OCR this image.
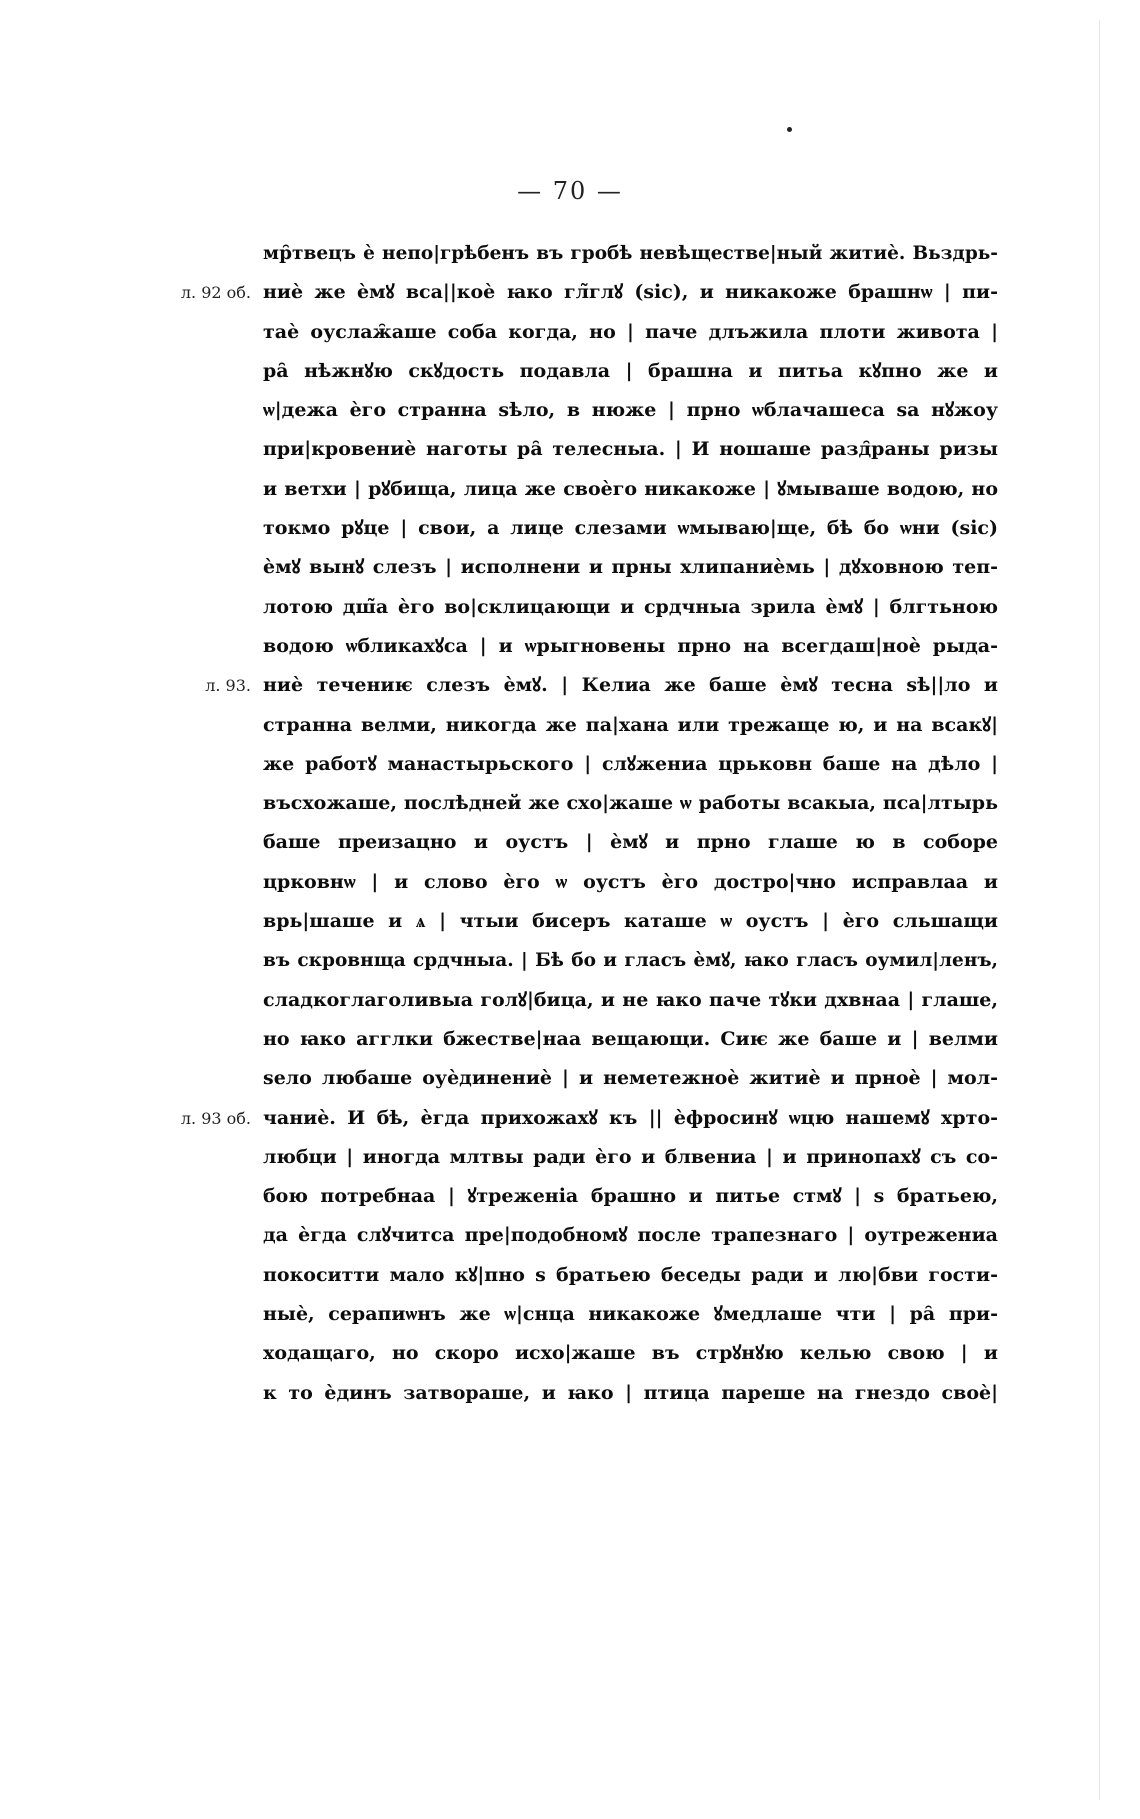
— 70 —
мр̑твецъ ѐ непо|грѣбенъ въ гробѣ невѣществе|ный житиѐ. Вьздрь-
ниѐ же ѐмꙋ вса||коѐ ꙗко гл̃глꙋ (sic), и никакоже брашнѡ | пи-
л. 92 об.
таѐ оуслаж̑аше соба когда, но | паче длъжила плоти живота |
ра̑ нѣжнꙋю скꙋдость подавла | брашна и питьа кꙋпно же и
ѡ|дежа ѐго странна ѕѣло, в нюже | прно ѡблачашеса ѕа нꙋжоу
при|кровениѐ наготы ра̑ телесныа. | И ношаше разд̑раны ризы
и ветхи | рꙋбища, лица же своѐго никакоже | ꙋмываше водою, но
токмо рꙋце | свои, а лице слезами ѡмываю|ще, бѣ бо ѡни (sic)
ѐмꙋ вынꙋ слезъ | исполнени и прны хлипаниѐмь | дꙋховною теп-
лотою дш̃а ѐго во|склицающи и срдчныа зрила ѐмꙋ | блгтьною
водою ѡбликахꙋса | и ѡрыгновены прно на всегдаш|ноѐ рыда-
ниѐ течениѥ слезъ ѐмꙋ. | Келиа же баше ѐмꙋ тесна ѕѣ||ло и
л. 93.
странна велми, никогда же па|хана или трежаще ю, и на всакꙋ|
же работꙋ манастырьского | слꙋжениа црьковн баше на дѣло |
въсхожаше, послѣдней же схо|жаше ѡ работы всакыа, пса|лтырь
баше преизацно и оустъ | ѐмꙋ и прно глаше ю в соборе
црковнѡ | и слово ѐго ѡ оустъ ѐго достро|чно исправлаа и
врь|шаше и ѧ | чтыи бисеръ каташе ѡ оустъ | ѐго сльшащи
въ скровнща срдчныа. | Бѣ бо и гласъ ѐмꙋ, ꙗко гласъ оумил|ленъ,
сладкоглаголивыа голꙋ|бица, и не ꙗко паче тꙋки дхвнаа | глаше,
но ꙗко агглки бжестве|наа вещающи. Сиѥ же баше и | велми
ѕело любаше оуѐдинениѐ | и неметежноѐ житиѐ и прноѐ | мол-
чаниѐ. И бѣ, ѐгда прихожахꙋ къ || ѐфросинꙋ ѡцю нашемꙋ хрто-
л. 93 об.
любци | иногда млтвы ради ѐго и блвениа | и принопахꙋ съ со-
бою потребнаа | ꙋтреженіа брашно и питье стмꙋ | ѕ братьею,
да ѐгда слꙋчитса пре|подобномꙋ после трапезнаго | оутрежениа
покоситти мало кꙋ|пно ѕ братьею беседы ради и лю|бви гости-
ныѐ, серапиѡнъ же ѡ|снца никакоже ꙋмедлаше чти | ра̑ при-
ходащаго, но скоро исхо|жаше въ стрꙋнꙋю келью свою | и
к то ѐдинъ затвораше, и ꙗко | птица пареше на гнездо своѐ|
